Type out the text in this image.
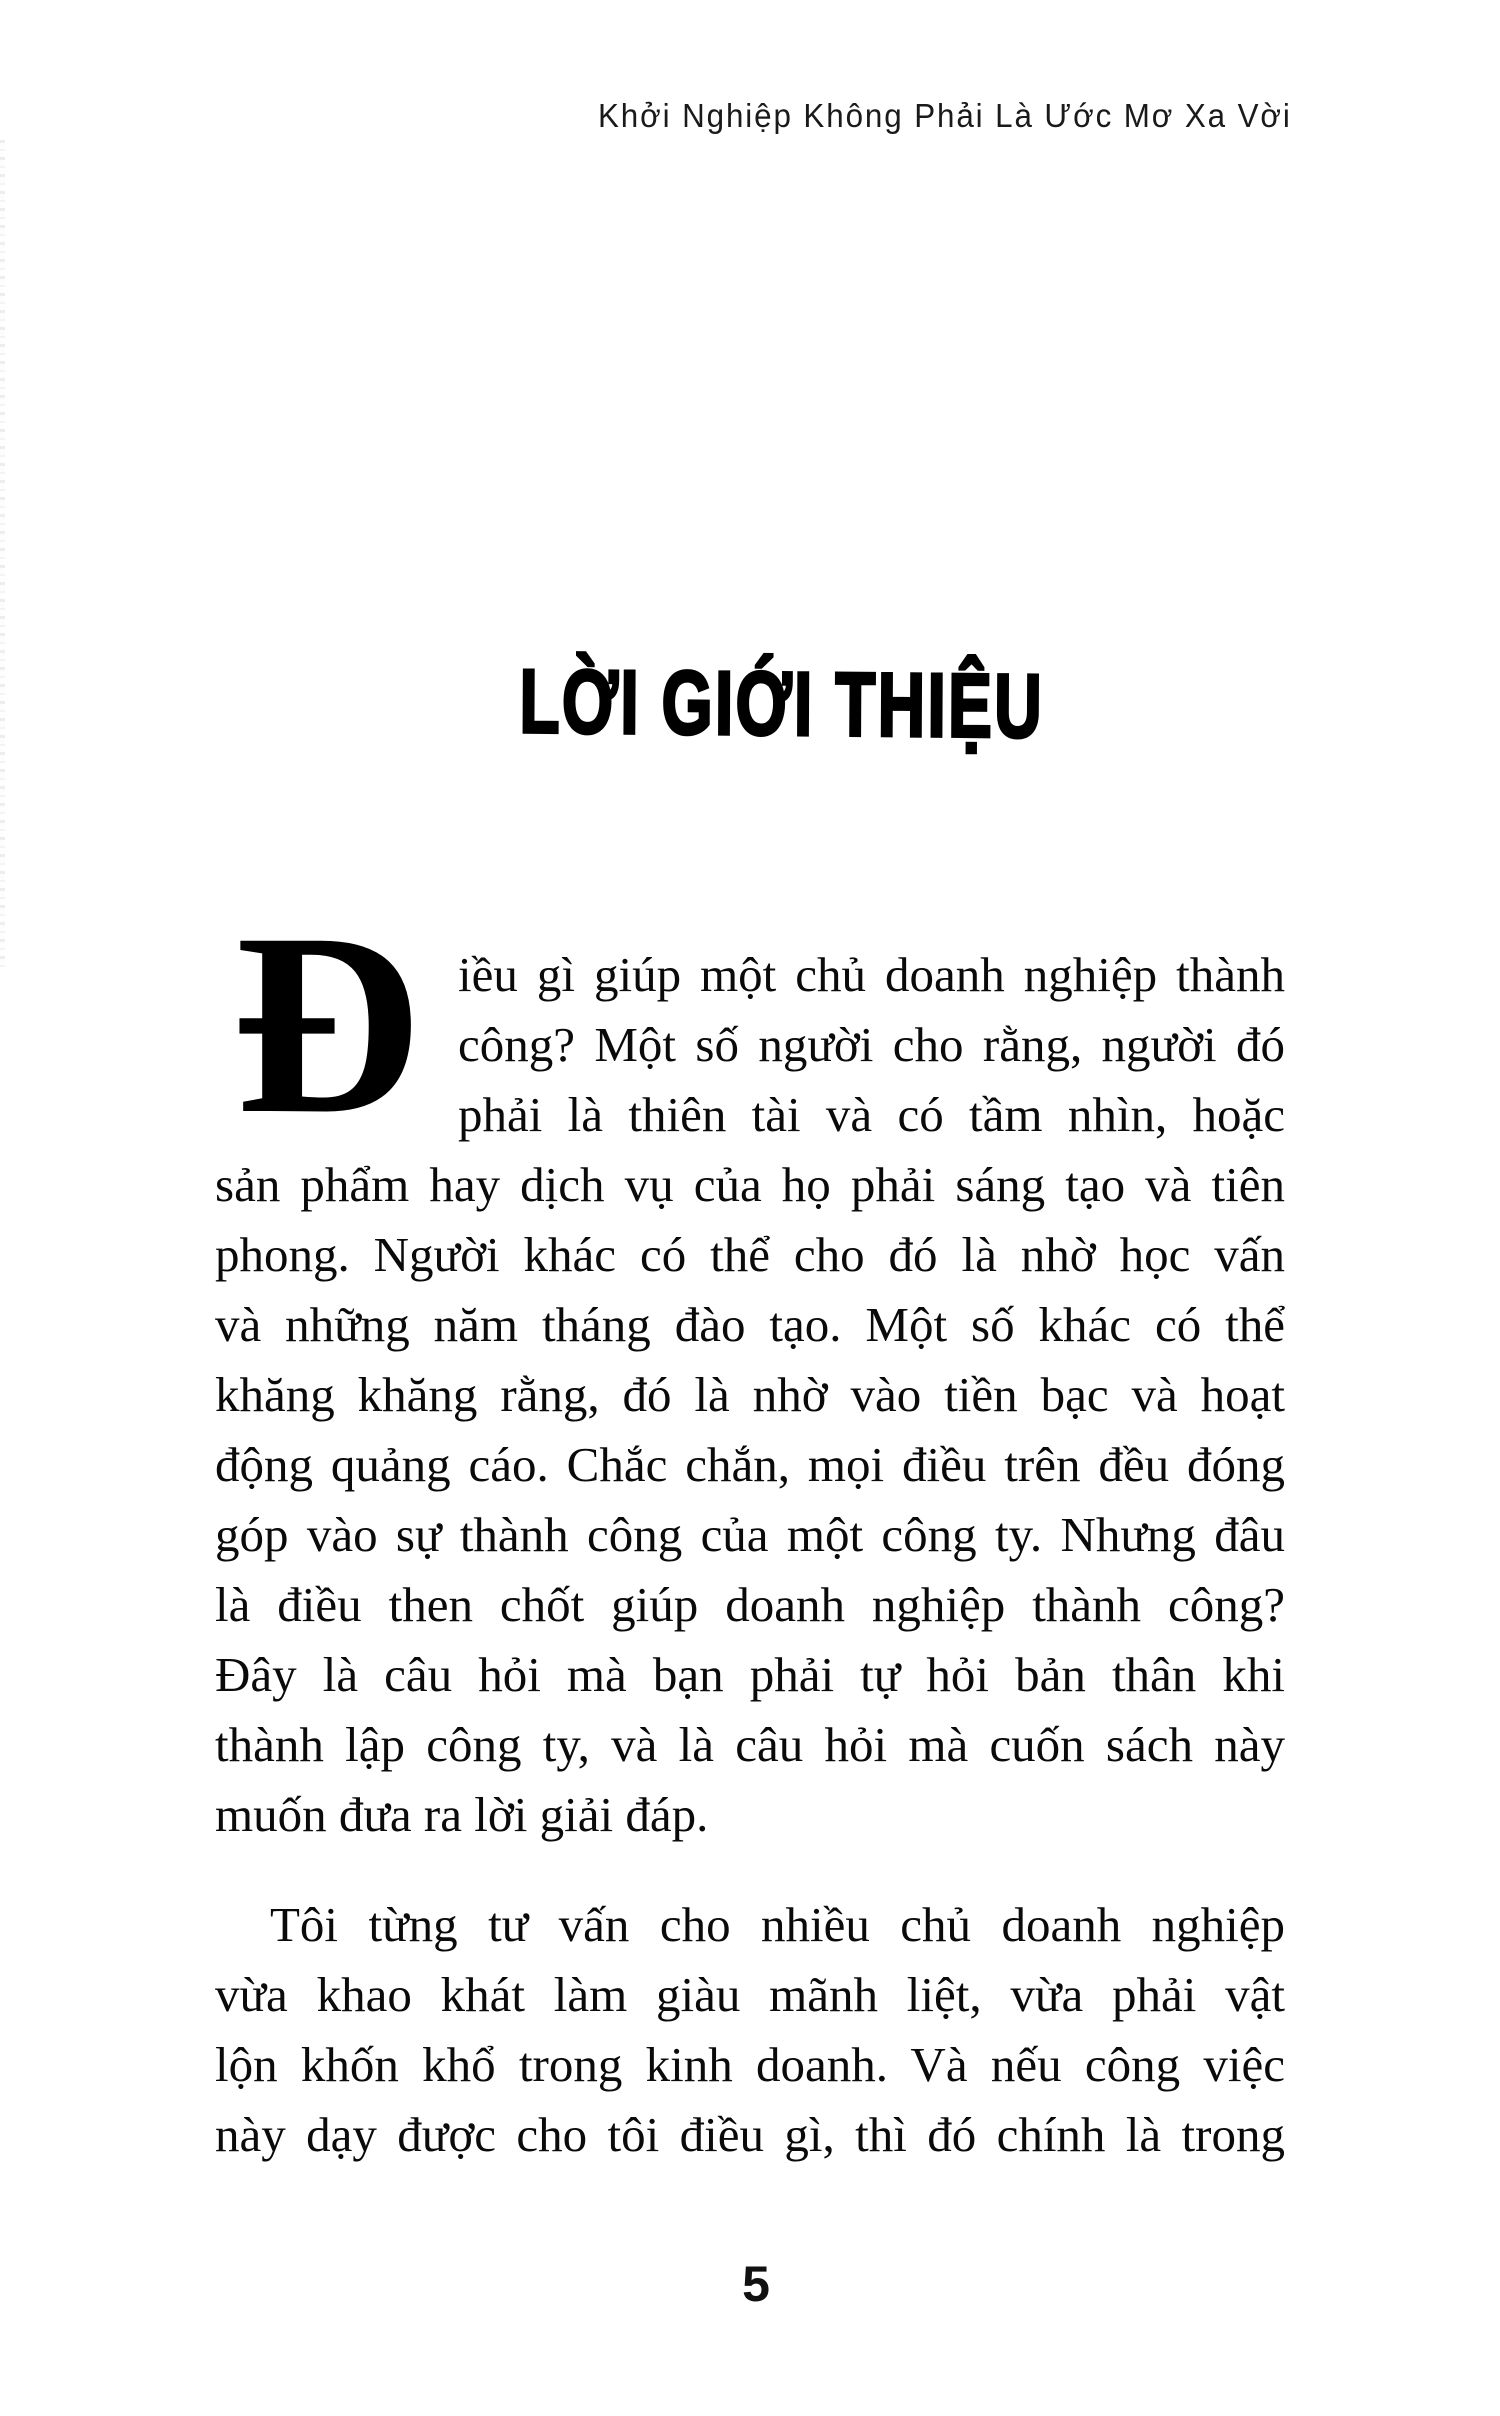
Khởi Nghiệp Không Phải Là Ước Mơ Xa Vời
LỜI GIỚI THIỆU
Đ iều gì giúp một chủ doanh nghiệp thành
công? Một số người cho rằng, người đó
phải là thiên tài và có tầm nhìn, hoặc
sản phẩm hay dịch vụ của họ phải sáng tạo và tiên
phong. Người khác có thể cho đó là nhờ học vấn
và những năm tháng đào tạo. Một số khác có thể
khăng khăng rằng, đó là nhờ vào tiền bạc và hoạt
động quảng cáo. Chắc chắn, mọi điều trên đều đóng
góp vào sự thành công của một công ty. Nhưng đâu
là điều then chốt giúp doanh nghiệp thành công?
Đây là câu hỏi mà bạn phải tự hỏi bản thân khi
thành lập công ty, và là câu hỏi mà cuốn sách này
muốn đưa ra lời giải đáp.
Tôi từng tư vấn cho nhiều chủ doanh nghiệp
vừa khao khát làm giàu mãnh liệt, vừa phải vật
lộn khốn khổ trong kinh doanh. Và nếu công việc
này dạy được cho tôi điều gì, thì đó chính là trong
5
